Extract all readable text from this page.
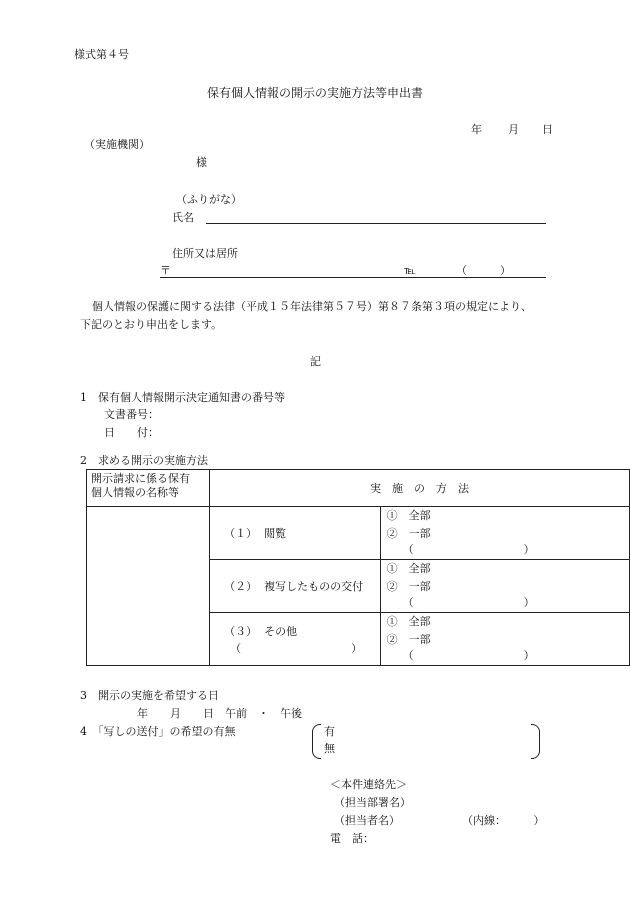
様式第４号
保有個人情報の開示の実施方法等申出書
年 月 日
（実施機関）
様
（ふりがな）
氏名
住所又は居所
〒	℡	（　　　）
個人情報の保護に関する法律（平成１５年法律第５７号）第８７条第３項の規定により、
下記のとおり申出をします。
記
1　保有個人情報開示決定通知書の番号等
文書番号：
日　　付：
2　求める開示の実施方法
開示請求に係る保有
個人情報の名称等	実　施　の　方　法	

	（１） 閲覧	①　全部
②　一部
（　　　　　　　　　　）

	（２） 複写したものの交付	①　全部
②　一部
（　　　　　　　　　　）

	（３） その他
（　　　　　　　　　　）	①　全部
②　一部
（　　　　　　　　　　）
3　開示の実施を希望する日
年　　月　　日　午前　・　午後
4　「写しの送付」の希望の有無	有
無
＜本件連絡先＞
（担当部署名）
（担当者名）	（内線：　　　）
電　話：
